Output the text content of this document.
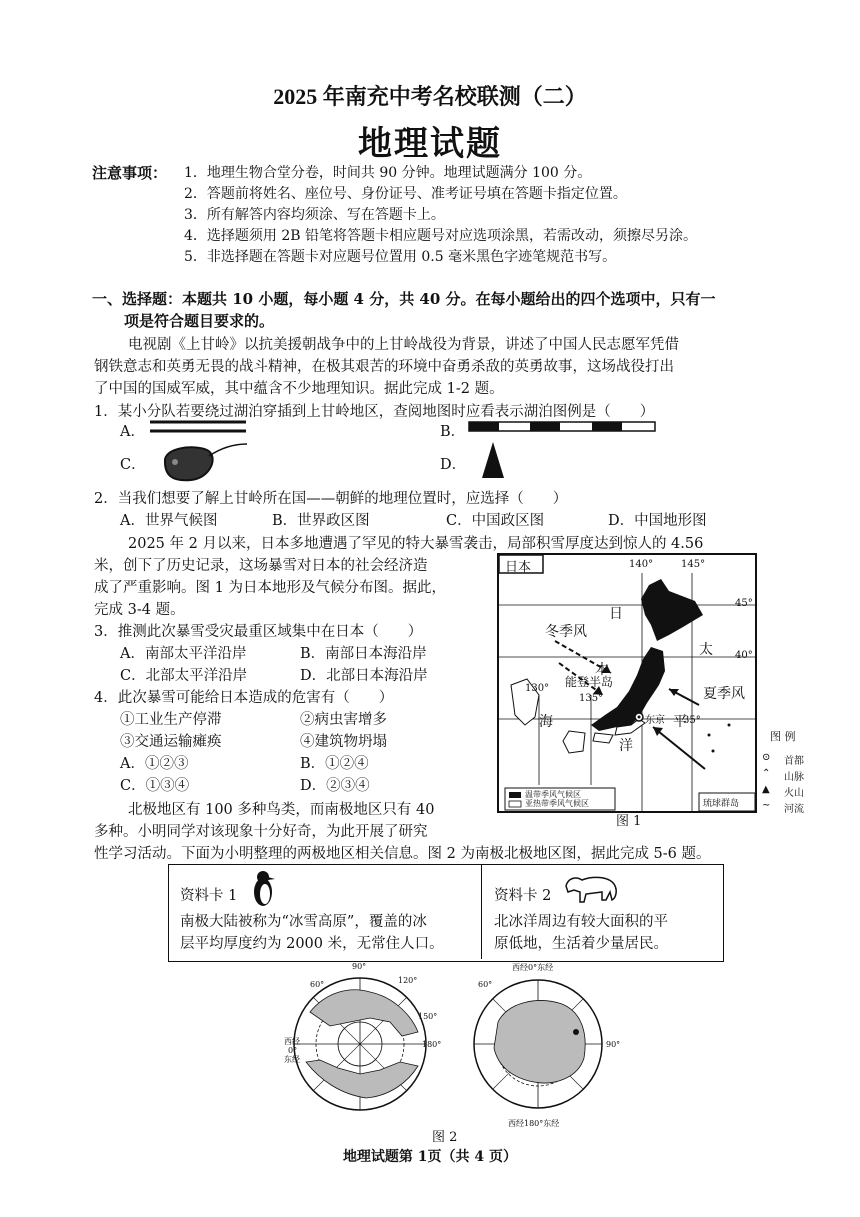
2025 年南充中考名校联测（二）
地理试题
注意事项： 1．地理生物合堂分卷，时间共 90 分钟。地理试题满分 100 分。
2．答题前将姓名、座位号、身份证号、准考证号填在答题卡指定位置。
3．所有解答内容均须涂、写在答题卡上。
4．选择题须用 2B 铅笔将答题卡相应题号对应选项涂黑，若需改动，须擦尽另涂。
5．非选择题在答题卡对应题号位置用 0.5 毫米黑色字迹笔规范书写。
一、选择题：本题共 10 小题，每小题 4 分，共 40 分。在每小题给出的四个选项中，只有一
项是符合题目要求的。
电视剧《上甘岭》以抗美援朝战争中的上甘岭战役为背景，讲述了中国人民志愿军凭借
钢铁意志和英勇无畏的战斗精神，在极其艰苦的环境中奋勇杀敌的英勇故事，这场战役打出
了中国的国威军威，其中蕴含不少地理知识。据此完成 1-2 题。
1．某小分队若要绕过湖泊穿插到上甘岭地区，查阅地图时应看表示湖泊图例是（　　）
A．	B．
C．	D．
2．当我们想要了解上甘岭所在国——朝鲜的地理位置时，应选择（　　）
A．世界气候图	B．世界政区图	C．中国政区图	D．中国地形图
2025 年 2 月以来，日本多地遭遇了罕见的特大暴雪袭击，局部积雪厚度达到惊人的 4.56
米，创下了历史记录，这场暴雪对日本的社会经济造
成了严重影响。图 1 为日本地形及气候分布图。据此，
完成 3-4 题。
3．推测此次暴雪受灾最重区域集中在日本（　　）
A．南部太平洋沿岸	B．南部日本海沿岸
C．北部太平洋沿岸	D．北部日本海沿岸
4．此次暴雪可能给日本造成的危害有（　　）
①工业生产停滞	②病虫害增多
③交通运输瘫痪	④建筑物坍塌
A．①②③	B．①②④
C．①③④	D．②③④
北极地区有 100 多种鸟类，而南极地区只有 40
多种。小明同学对该现象十分好奇，为此开展了研究
性学习活动。下面为小明整理的两极地区相关信息。图 2 为南极北极地区图，据此完成 5-6 题。
日本	140°	145°
45°
40°
35°
130°
135°
日
本
海
太
平
洋
冬季风
夏季风
能登半岛
东京
温带季风气候区
亚热带季风气候区	琉球群岛
图 1
图 例
⊙ 首都
⌃ 山脉
▲ 火山
∼ 河流
资料卡 1
南极大陆被称为“冰雪高原”，覆盖的冰
层平均厚度约为 2000 米，无常住人口。
资料卡 2
北冰洋周边有较大面积的平
原低地，生活着少量居民。
90°
60°	120°
150°
180°
西经
东经
0°
西经0°东经
60°
90°
西经180°东经
图 2
地理试题第 1页（共 4 页）
